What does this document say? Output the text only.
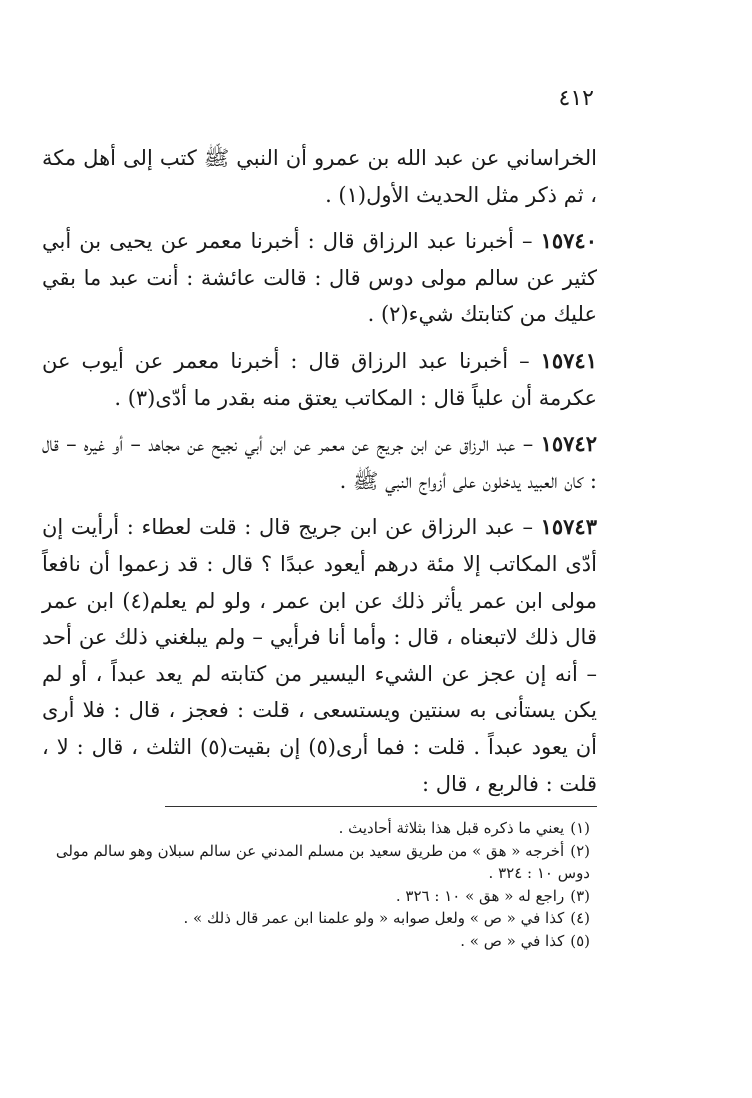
٤١٢

الخراساني عن عبد الله بن عمرو أن النبي ﷺ كتب إلى أهل مكة ، ثم ذكر مثل الحديث الأول(١) .

١٥٧٤٠ – أخبرنا عبد الرزاق قال : أخبرنا معمر عن يحيى بن أبي كثير عن سالم مولى دوس قال : قالت عائشة : أنت عبد ما بقي عليك من كتابتك شيء(٢) .

١٥٧٤١ – أخبرنا عبد الرزاق قال : أخبرنا معمر عن أيوب عن عكرمة أن علياً قال : المكاتب يعتق منه بقدر ما أدّى(٣) .

١٥٧٤٢ – عبد الرزاق عن ابن جريج عن معمر عن ابن أبي نجيح عن مجاهد – أو غيره – قال : كان العبيد يدخلون على أزواج النبي ﷺ .

١٥٧٤٣ – عبد الرزاق عن ابن جريج قال : قلت لعطاء : أرأيت إن أدّى المكاتب إلا مئة درهم أيعود عبدًا ؟ قال : قد زعموا أن نافعاً مولى ابن عمر يأثر ذلك عن ابن عمر ، ولو لم يعلم(٤) ابن عمر قال ذلك لاتبعناه ، قال : وأما أنا فرأيي – ولم يبلغني ذلك عن أحد – أنه إن عجز عن الشيء اليسير من كتابته لم يعد عبداً ، أو لم يكن يستأنى به سنتين ويستسعى ، قلت : فعجز ، قال : فلا أرى أن يعود عبداً . قلت : فما أرى(٥) إن بقيت(٥) الثلث ، قال : لا ، قلت : فالربع ، قال :

(١)يعني ما ذكره قبل هذا بثلاثة أحاديث .

(٢)أخرجه « هق » من طريق سعيد بن مسلم المدني عن سالم سبلان وهو سالم مولى دوس ١٠ : ٣٢٤ .

(٣)راجع له « هق » ١٠ : ٣٢٦ .

(٤)كذا في « ص » ولعل صوابه « ولو علمنا ابن عمر قال ذلك » .

(٥)كذا في « ص » .
